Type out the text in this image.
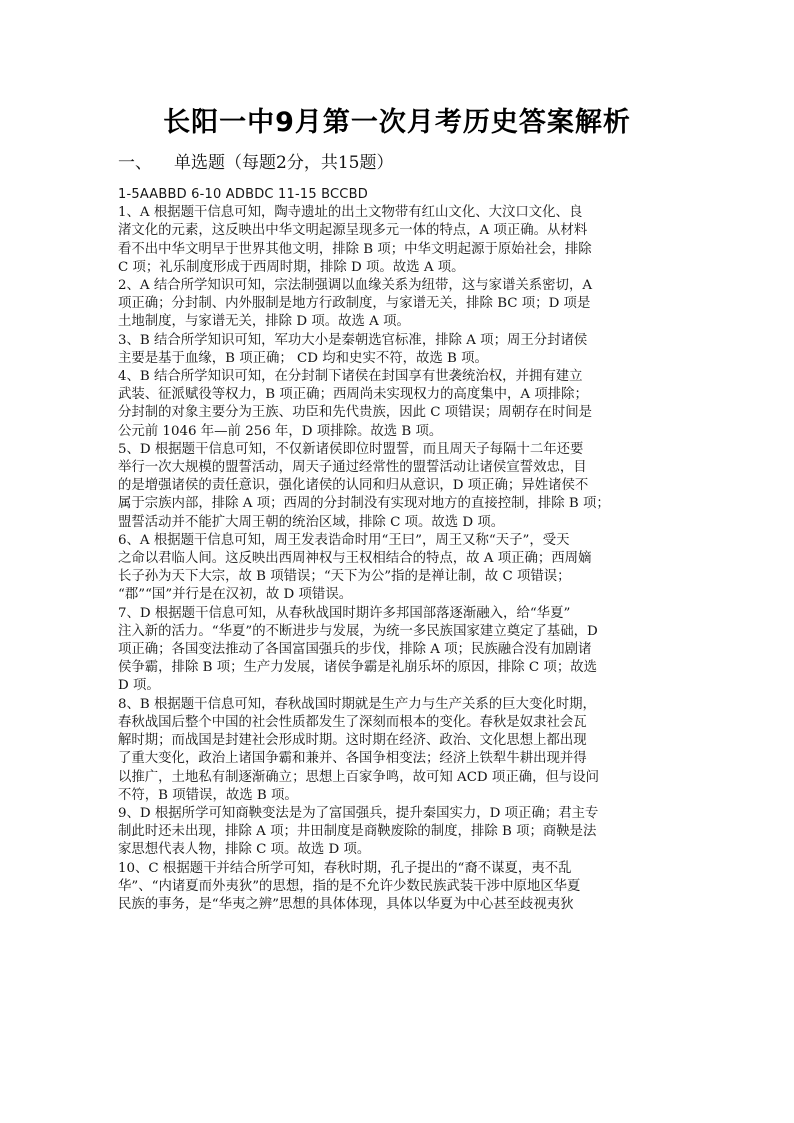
长阳一中9月第一次月考历史答案解析
一、 单选题（每题2分，共15题）
1-5AABBD 6-10 ADBDC 11-15 BCCBD
1、A 根据题干信息可知，陶寺遗址的出土文物带有红山文化、大汶口文化、良
渚文化的元素，这反映出中华文明起源呈现多元一体的特点，A 项正确。从材料
看不出中华文明早于世界其他文明，排除 B 项；中华文明起源于原始社会，排除
C 项；礼乐制度形成于西周时期，排除 D 项。故选 A 项。
2、A 结合所学知识可知，宗法制强调以血缘关系为纽带，这与家谱关系密切，A
项正确；分封制、内外服制是地方行政制度，与家谱无关，排除 BC 项；D 项是
土地制度，与家谱无关，排除 D 项。故选 A 项。
3、B 结合所学知识可知，军功大小是秦朝选官标准，排除 A 项；周王分封诸侯
主要是基于血缘，B 项正确； CD 均和史实不符，故选 B 项。
4、B 结合所学知识可知，在分封制下诸侯在封国享有世袭统治权，并拥有建立
武装、征派赋役等权力，B 项正确；西周尚未实现权力的高度集中，A 项排除；
分封制的对象主要分为王族、功臣和先代贵族，因此 C 项错误；周朝存在时间是
公元前 1046 年—前 256 年，D 项排除。故选 B 项。
5、D 根据题干信息可知，不仅新诸侯即位时盟誓，而且周天子每隔十二年还要
举行一次大规模的盟誓活动，周天子通过经常性的盟誓活动让诸侯宣誓效忠，目
的是增强诸侯的责任意识，强化诸侯的认同和归从意识，D 项正确；异姓诸侯不
属于宗族内部，排除 A 项；西周的分封制没有实现对地方的直接控制，排除 B 项；
盟誓活动并不能扩大周王朝的统治区域，排除 C 项。故选 D 项。
6、A 根据题干信息可知，周王发表诰命时用“王曰”，周王又称“天子”，受天
之命以君临人间。这反映出西周神权与王权相结合的特点，故 A 项正确；西周嫡
长子孙为天下大宗，故 B 项错误；“天下为公”指的是禅让制，故 C 项错误；
“郡”“国”并行是在汉初，故 D 项错误。
7、D 根据题干信息可知，从春秋战国时期许多邦国部落逐渐融入，给“华夏”
注入新的活力。“华夏”的不断进步与发展，为统一多民族国家建立奠定了基础，D
项正确；各国变法推动了各国富国强兵的步伐，排除 A 项；民族融合没有加剧诸
侯争霸，排除 B 项；生产力发展，诸侯争霸是礼崩乐坏的原因，排除 C 项；故选
D 项。
8、B 根据题干信息可知，春秋战国时期就是生产力与生产关系的巨大变化时期，
春秋战国后整个中国的社会性质都发生了深刻而根本的变化。春秋是奴隶社会瓦
解时期；而战国是封建社会形成时期。这时期在经济、政治、文化思想上都出现
了重大变化，政治上诸国争霸和兼并、各国争相变法；经济上铁犁牛耕出现并得
以推广，土地私有制逐渐确立；思想上百家争鸣，故可知 ACD 项正确，但与设问
不符，B 项错误，故选 B 项。
9、D 根据所学可知商鞅变法是为了富国强兵，提升秦国实力，D 项正确；君主专
制此时还未出现，排除 A 项；井田制度是商鞅废除的制度，排除 B 项；商鞅是法
家思想代表人物，排除 C 项。故选 D 项。
10、C 根据题干并结合所学可知，春秋时期，孔子提出的“裔不谋夏，夷不乱
华”、“内诸夏而外夷狄”的思想，指的是不允许少数民族武装干涉中原地区华夏
民族的事务，是“华夷之辨”思想的具体体现，具体以华夏为中心甚至歧视夷狄
